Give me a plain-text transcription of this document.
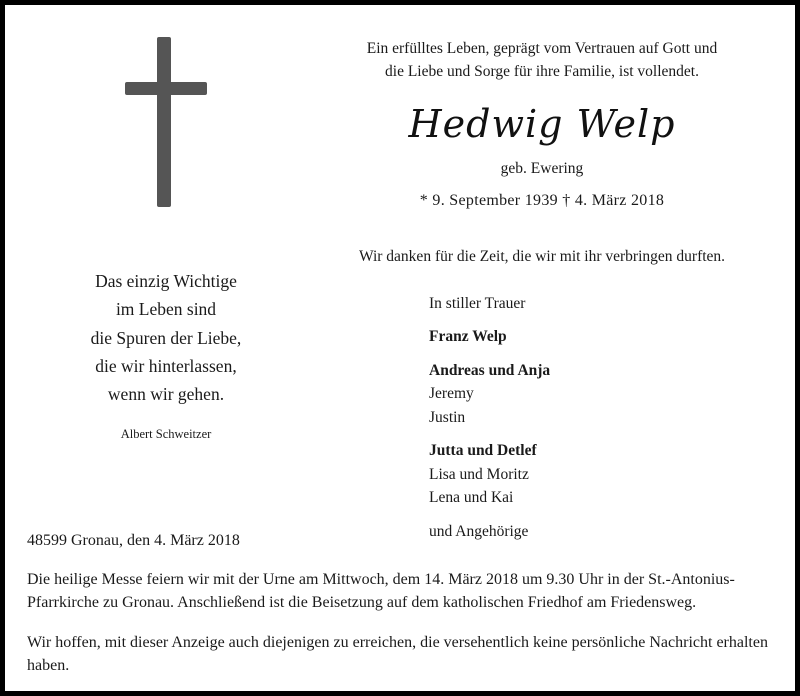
Das einzig Wichtige
im Leben sind
die Spuren der Liebe,
die wir hinterlassen,
wenn wir gehen.
Albert Schweitzer
Ein erfülltes Leben, geprägt vom Vertrauen auf Gott und
die Liebe und Sorge für ihre Familie, ist vollendet.
Hedwig Welp
geb. Ewering
* 9. September 1939 † 4. März 2018
Wir danken für die Zeit, die wir mit ihr verbringen durften.
In stiller Trauer
Franz Welp
Andreas und Anja
Jeremy
Justin
Jutta und Detlef
Lisa und Moritz
Lena und Kai
und Angehörige
48599 Gronau, den 4. März 2018
Die heilige Messe feiern wir mit der Urne am Mittwoch, dem 14. März 2018 um 9.30 Uhr in der St.-Antonius-Pfarrkirche zu Gronau. Anschließend ist die Beisetzung auf dem katholischen Friedhof am Friedensweg.
Wir hoffen, mit dieser Anzeige auch diejenigen zu erreichen, die versehentlich keine persönliche Nachricht erhalten haben.
